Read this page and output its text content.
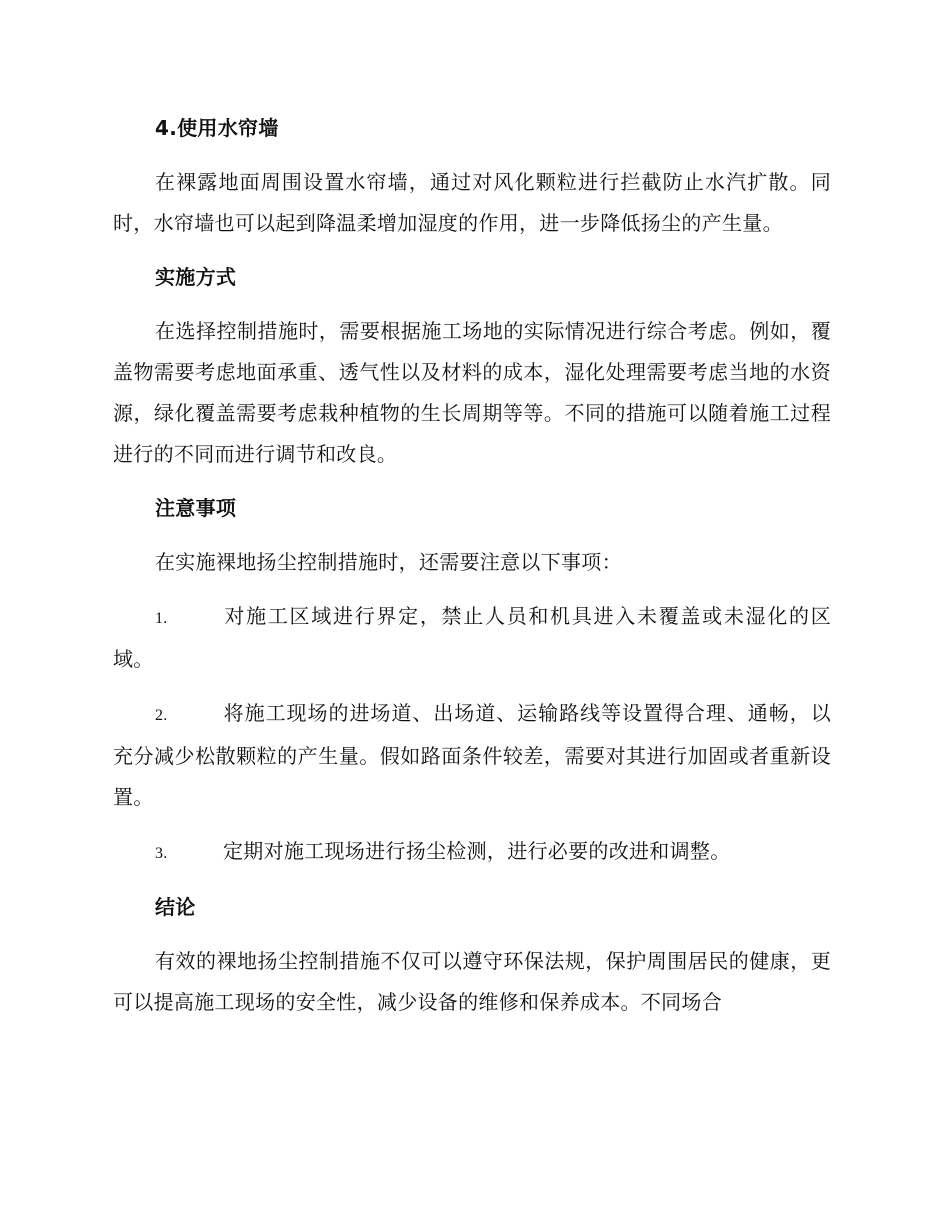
4.使用水帘墙

在裸露地面周围设置水帘墙，通过对风化颗粒进行拦截防止水汽扩散。同时，水帘墙也可以起到降温柔增加湿度的作用，进一步降低扬尘的产生量。

实施方式

在选择控制措施时，需要根据施工场地的实际情况进行综合考虑。例如，覆盖物需要考虑地面承重、透气性以及材料的成本，湿化处理需要考虑当地的水资源，绿化覆盖需要考虑栽种植物的生长周期等等。不同的措施可以随着施工过程进行的不同而进行调节和改良。

注意事项

在实施裸地扬尘控制措施时，还需要注意以下事项：

1.	对施工区域进行界定，禁止人员和机具进入未覆盖或未湿化的区域。

2.	将施工现场的进场道、出场道、运输路线等设置得合理、通畅，以充分减少松散颗粒的产生量。假如路面条件较差，需要对其进行加固或者重新设置。

3.	定期对施工现场进行扬尘检测，进行必要的改进和调整。

结论

有效的裸地扬尘控制措施不仅可以遵守环保法规，保护周围居民的健康，更可以提高施工现场的安全性，减少设备的维修和保养成本。不同场合
